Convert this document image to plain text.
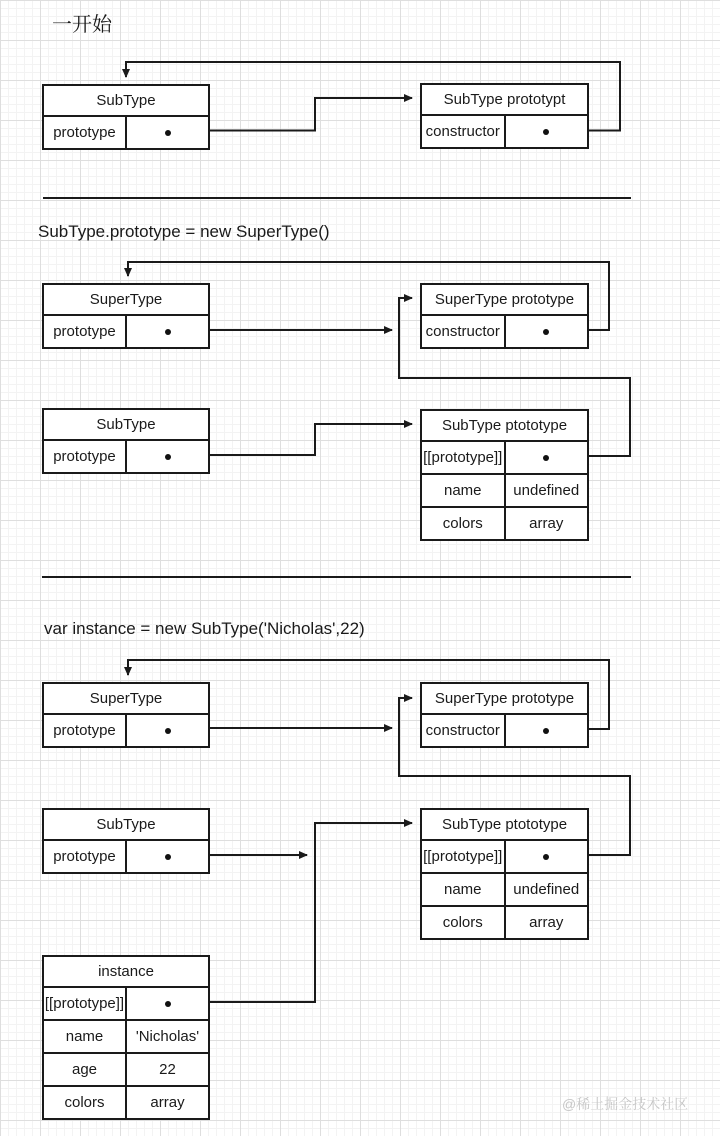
一开始
SubType.prototype = new SuperType()
var instance = new SubType('Nicholas',22)
SubType
prototype
SubType prototypt
constructor
SuperType
prototype
SuperType prototype
constructor
SubType
prototype
SubType ptototype
[[prototype]]
name	undefined
colors	array
SuperType
prototype
SuperType prototype
constructor
SubType
prototype
SubType ptototype
[[prototype]]
name	undefined
colors	array
instance
[[prototype]]
name	'Nicholas'
age	22
colors	array	@稀土掘金技术社区
